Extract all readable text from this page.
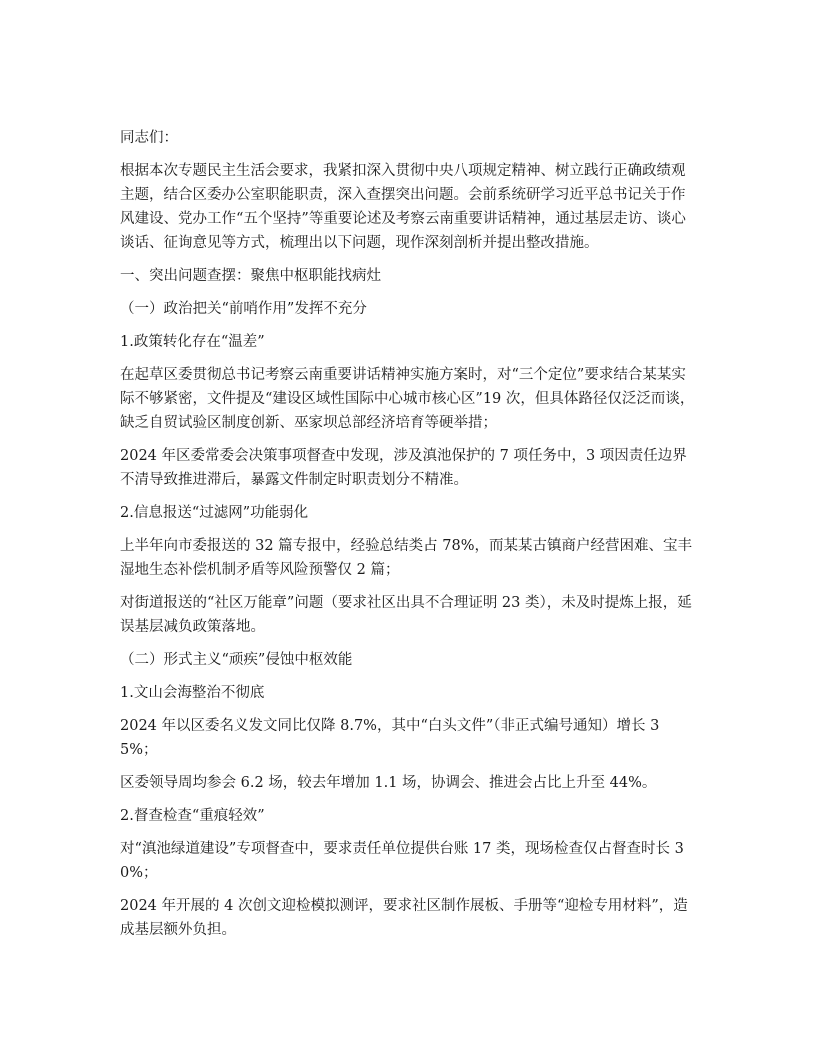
同志们：

根据本次专题民主生活会要求，我紧扣深入贯彻中央八项规定精神、树立践行正确政绩观主题，结合区委办公室职能职责，深入查摆突出问题。会前系统研学习近平总书记关于作风建设、党办工作“五个坚持”等重要论述及考察云南重要讲话精神，通过基层走访、谈心谈话、征询意见等方式，梳理出以下问题，现作深刻剖析并提出整改措施。

一、突出问题查摆：聚焦中枢职能找病灶

（一）政治把关“前哨作用”发挥不充分

1.政策转化存在“温差”

在起草区委贯彻总书记考察云南重要讲话精神实施方案时，对“三个定位”要求结合某某实际不够紧密，文件提及“建设区域性国际中心城市核心区”19 次，但具体路径仅泛泛而谈，缺乏自贸试验区制度创新、巫家坝总部经济培育等硬举措；

2024 年区委常委会决策事项督查中发现，涉及滇池保护的 7 项任务中，3 项因责任边界不清导致推进滞后，暴露文件制定时职责划分不精准。

2.信息报送“过滤网”功能弱化

上半年向市委报送的 32 篇专报中，经验总结类占 78%，而某某古镇商户经营困难、宝丰湿地生态补偿机制矛盾等风险预警仅 2 篇；

对街道报送的“社区万能章”问题（要求社区出具不合理证明 23 类），未及时提炼上报，延误基层减负政策落地。

（二）形式主义“顽疾”侵蚀中枢效能

1.文山会海整治不彻底

2024 年以区委名义发文同比仅降 8.7%，其中“白头文件”（非正式编号通知）增长 35%；

区委领导周均参会 6.2 场，较去年增加 1.1 场，协调会、推进会占比上升至 44%。

2.督查检查“重痕轻效”

对“滇池绿道建设”专项督查中，要求责任单位提供台账 17 类，现场检查仅占督查时长 30%；

2024 年开展的 4 次创文迎检模拟测评，要求社区制作展板、手册等“迎检专用材料”，造成基层额外负担。
